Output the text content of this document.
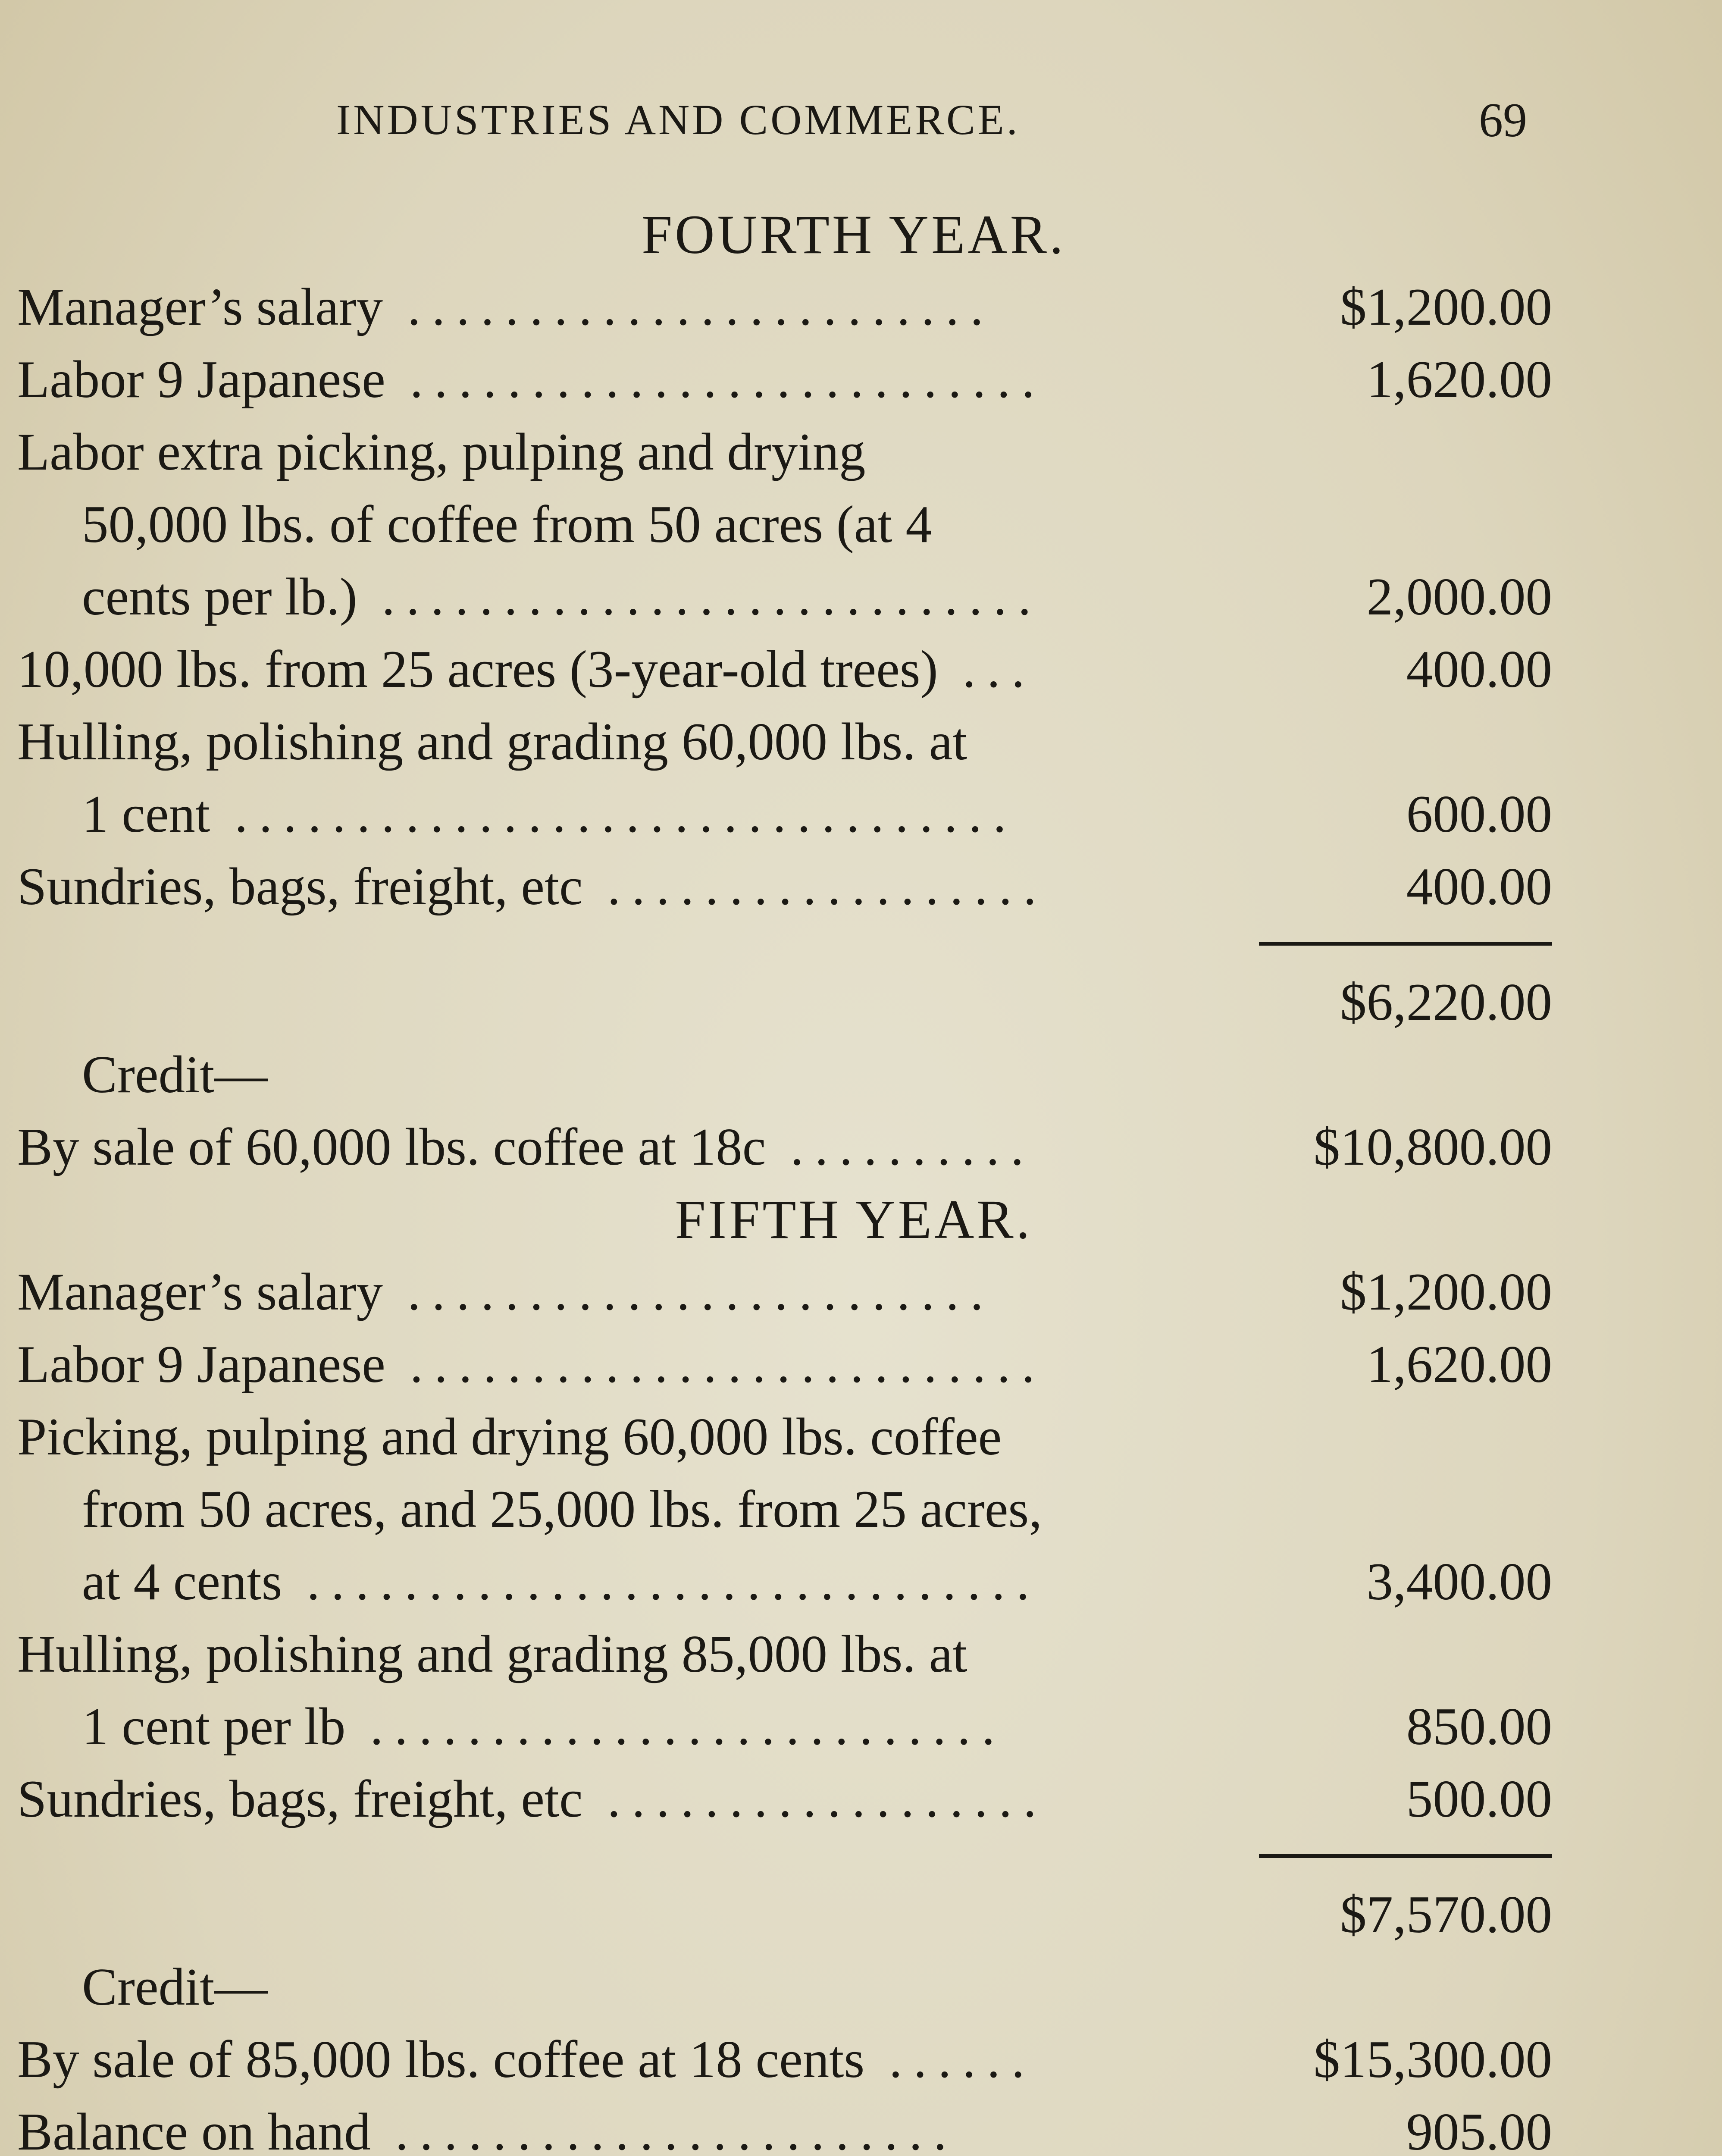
INDUSTRIES AND COMMERCE.	69
FOURTH YEAR.
Manager’s salary ........................	$1,200.00
Labor 9 Japanese ..........................	1,620.00
Labor extra picking, pulping and drying
50,000 lbs. of coffee from 50 acres (at 4
cents per lb.) ...........................	2,000.00
10,000 lbs. from 25 acres (3-year-old trees) ...	400.00
Hulling, polishing and grading 60,000 lbs. at
1 cent ................................	600.00
Sundries, bags, freight, etc ..................	400.00
$6,220.00
Credit—
By sale of 60,000 lbs. coffee at 18c ..........	$10,800.00
FIFTH YEAR.
Manager’s salary ........................	$1,200.00
Labor 9 Japanese ..........................	1,620.00
Picking, pulping and drying 60,000 lbs. coffee
from 50 acres, and 25,000 lbs. from 25 acres,
at 4 cents ..............................	3,400.00
Hulling, polishing and grading 85,000 lbs. at
1 cent per lb ..........................	850.00
Sundries, bags, freight, etc ..................	500.00
$7,570.00
Credit—
By sale of 85,000 lbs. coffee at 18 cents ......	$15,300.00
Balance on hand .......................	905.00
